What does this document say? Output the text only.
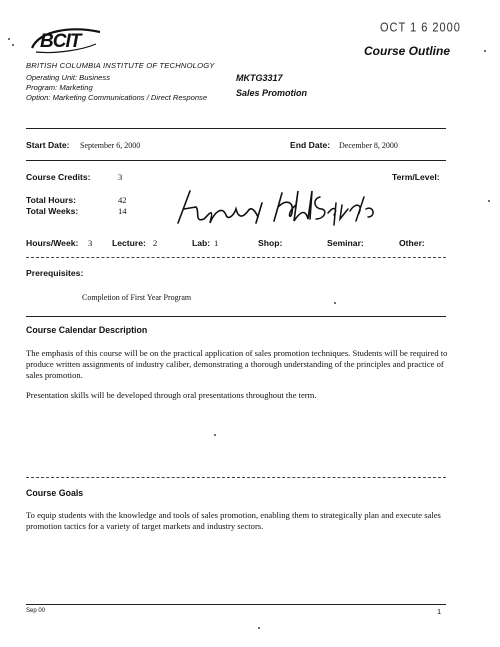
OCT 1 6 2000
BCIT	Course Outline
BRITISH COLUMBIA INSTITUTE OF TECHNOLOGY
Operating Unit: Business
Program: Marketing
Option: Marketing Communications / Direct Response
MKTG3317
Sales Promotion
Start Date: September 6, 2000	End Date: December 8, 2000
Course Credits:	3	Term/Level:
Total Hours:	42
Total Weeks:	14
Hours/Week: 3 Lecture: 2	Lab: 1	Shop:	Seminar:	Other:
Prerequisites:
Completion of First Year Program
Course Calendar Description
The emphasis of this course will be on the practical application of sales promotion techniques. Students will be required to produce written assignments of industry caliber, demonstrating a thorough understanding of the principles and practice of sales promotion.
Presentation skills will be developed through oral presentations throughout the term.
Course Goals
To equip students with the knowledge and tools of sales promotion, enabling them to strategically plan and execute sales promotion tactics for a variety of target markets and industry sectors.
Sep 00	1
